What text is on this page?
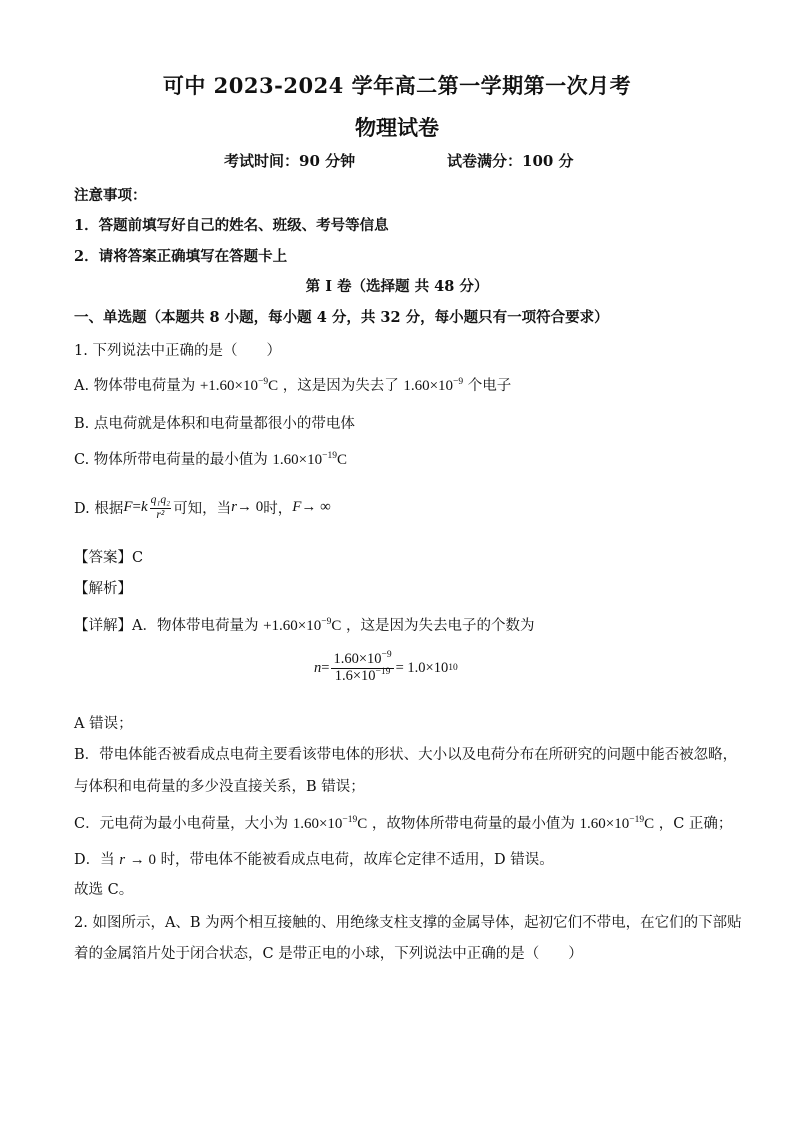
可中 2023-2024 学年高二第一学期第一次月考
物理试卷
考试时间：90 分钟	试卷满分：100 分
注意事项：
1．答题前填写好自己的姓名、班级、考号等信息
2．请将答案正确填写在答题卡上
第 I 卷（选择题 共 48 分）
一、单选题（本题共 8 小题，每小题 4 分，共 32 分，每小题只有一项符合要求）
1. 下列说法中正确的是（　　）
A. 物体带电荷量为 $+1.60\times 10^{-9}C$ ，这是因为失去了 $1.60\times 10^{-9}$ 个电子
B. 点电荷就是体积和电荷量都很小的带电体
C. 物体所带电荷量的最小值为 $1.60\times 10^{-19}C$
D. 根据 F = k $\frac{\text{q₁q₂}}{\text{r²}}$ 可知，当 r → 0 时， F → ∞
【答案】C
【解析】
【详解】A．物体带电荷量为 $+1.60\times 10^{-9}C$ ，这是因为失去电子的个数为
$n = \frac{1.60\times 10^{-9}}{1.6\times 10^{-19}} = 1.0\times 10$ 10
A 错误；
B．带电体能否被看成点电荷主要看该带电体的形状、大小以及电荷分布在所研究的问题中能否被忽略，
与体积和电荷量的多少没直接关系，B 错误；
C．元电荷为最小电荷量，大小为 $1.60\times 10^{-19}C$ ，故物体所带电荷量的最小值为 $1.60\times 10^{-19}C$ ，C 正确；
D．当 r → 0 时，带电体不能被看成点电荷，故库仑定律不适用，D 错误。
故选 C。
2. 如图所示，A、B 为两个相互接触的、用绝缘支柱支撑的金属导体，起初它们不带电，在它们的下部贴
着的金属箔片处于闭合状态，C 是带正电的小球，下列说法中正确的是（　　）
